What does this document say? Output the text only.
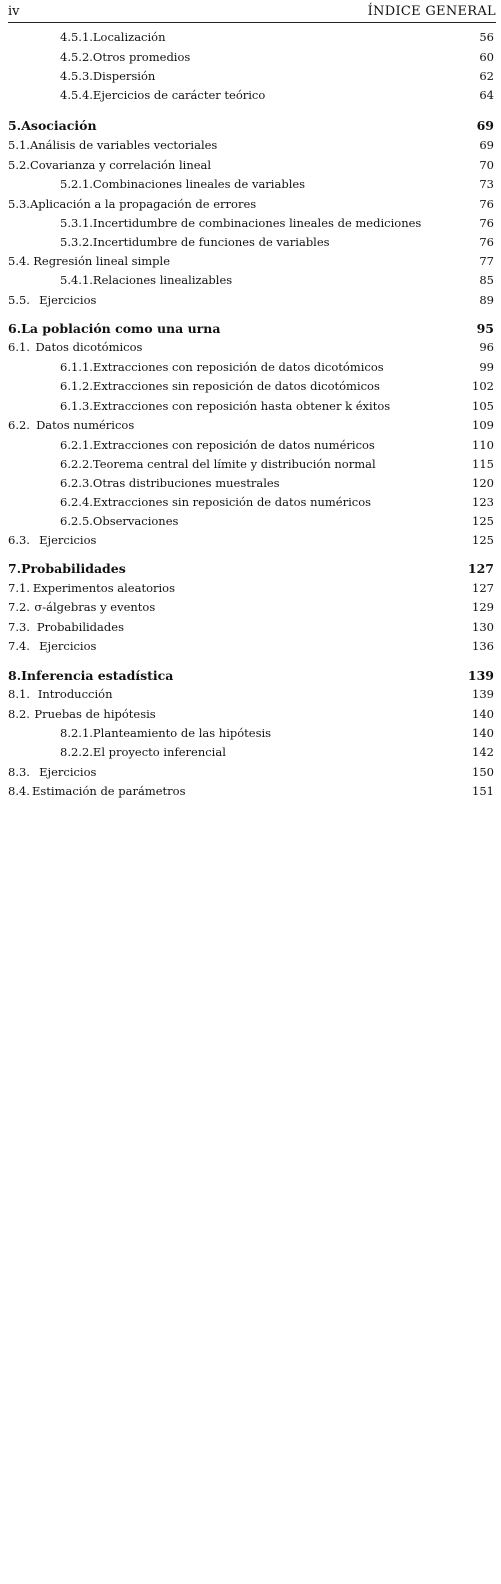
iv	ÍNDICE GENERAL
4.5.1. Localización	56
4.5.2. Otros promedios	60
4.5.3. Dispersión	62
4.5.4. Ejercicios de carácter teórico	64
5. Asociación	69
5.1. Análisis de variables vectoriales	69
5.2. Covarianza y correlación lineal	70
5.2.1. Combinaciones lineales de variables	73
5.3. Aplicación a la propagación de errores	76
5.3.1. Incertidumbre de combinaciones lineales de mediciones	76
5.3.2. Incertidumbre de funciones de variables	76
5.4. Regresión lineal simple	77
5.4.1. Relaciones linealizables	85
5.5. Ejercicios	89
6. La población como una urna	95
6.1. Datos dicotómicos	96
6.1.1. Extracciones con reposición de datos dicotómicos	99
6.1.2. Extracciones sin reposición de datos dicotómicos	102
6.1.3. Extracciones con reposición hasta obtener k éxitos	105
6.2. Datos numéricos	109
6.2.1. Extracciones con reposición de datos numéricos	110
6.2.2. Teorema central del límite y distribución normal	115
6.2.3. Otras distribuciones muestrales	120
6.2.4. Extracciones sin reposición de datos numéricos	123
6.2.5. Observaciones	125
6.3. Ejercicios	125
7. Probabilidades	127
7.1. Experimentos aleatorios	127
7.2. σ-álgebras y eventos	129
7.3. Probabilidades	130
7.4. Ejercicios	136
8. Inferencia estadística	139
8.1. Introducción	139
8.2. Pruebas de hipótesis	140
8.2.1. Planteamiento de las hipótesis	140
8.2.2. El proyecto inferencial	142
8.3. Ejercicios	150
8.4. Estimación de parámetros	151
